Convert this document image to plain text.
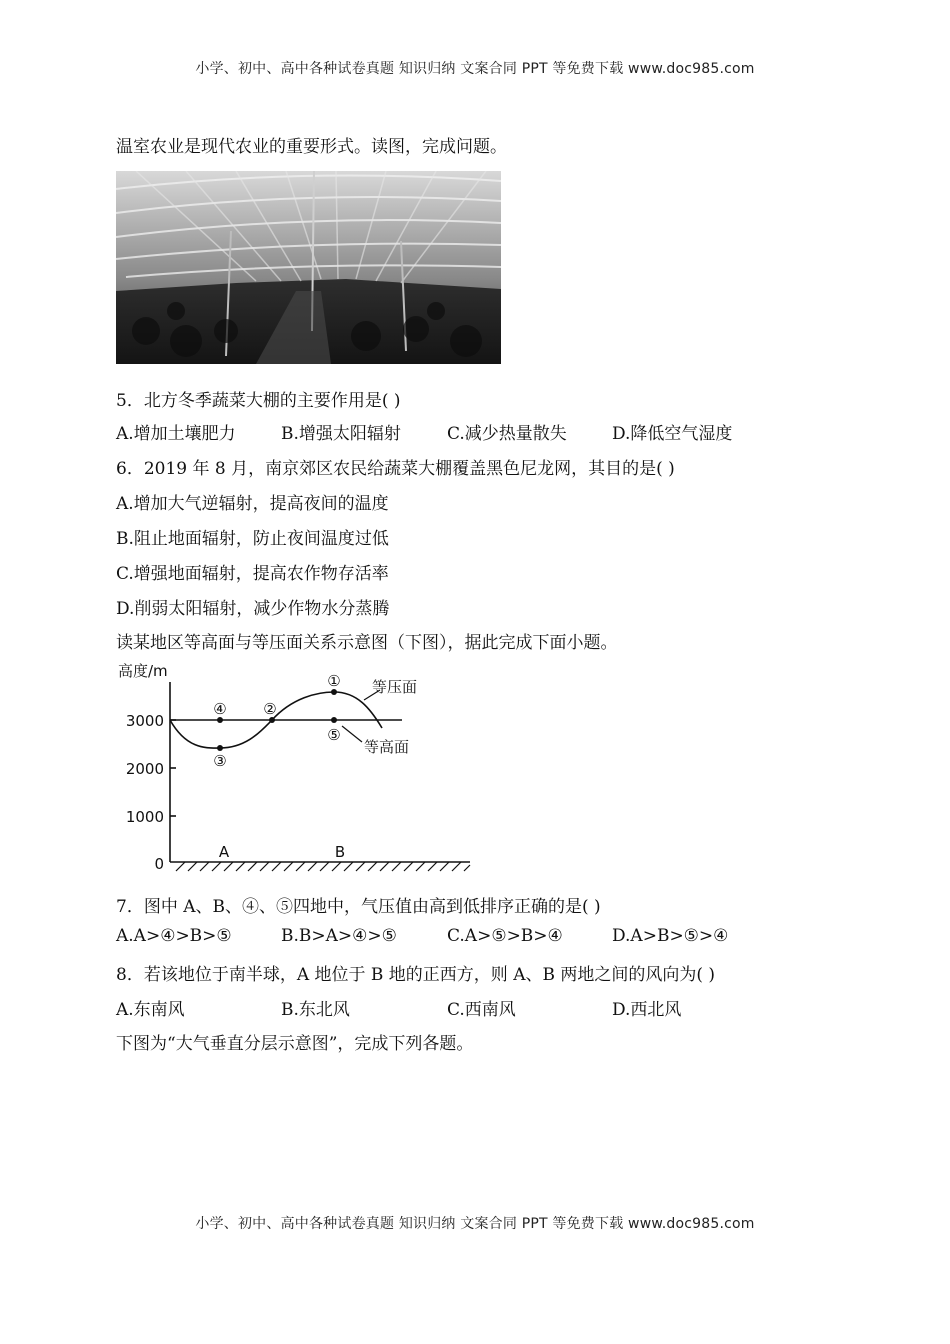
小学、初中、高中各种试卷真题 知识归纳 文案合同 PPT 等免费下载 www.doc985.com
温室农业是现代农业的重要形式。读图，完成问题。
5．北方冬季蔬菜大棚的主要作用是( )
A.增加土壤肥力	B.增强太阳辐射	C.减少热量散失	D.降低空气湿度
6．2019 年 8 月，南京郊区农民给蔬菜大棚覆盖黑色尼龙网，其目的是( )
A.增加大气逆辐射，提高夜间的温度
B.阻止地面辐射，防止夜间温度过低
C.增强地面辐射，提高农作物存活率
D.削弱太阳辐射，减少作物水分蒸腾
读某地区等高面与等压面关系示意图（下图），据此完成下面小题。
高度/m
3000
2000
1000
0
①
②
③
④
⑤
等压面
等高面
A	B
7．图中 A、B、④、⑤四地中，气压值由高到低排序正确的是( )
A.A>④>B>⑤	B.B>A>④>⑤	C.A>⑤>B>④	D.A>B>⑤>④
8．若该地位于南半球，A 地位于 B 地的正西方，则 A、B 两地之间的风向为( )
A.东南风	B.东北风	C.西南风	D.西北风
下图为“大气垂直分层示意图”，完成下列各题。
小学、初中、高中各种试卷真题 知识归纳 文案合同 PPT 等免费下载 www.doc985.com
